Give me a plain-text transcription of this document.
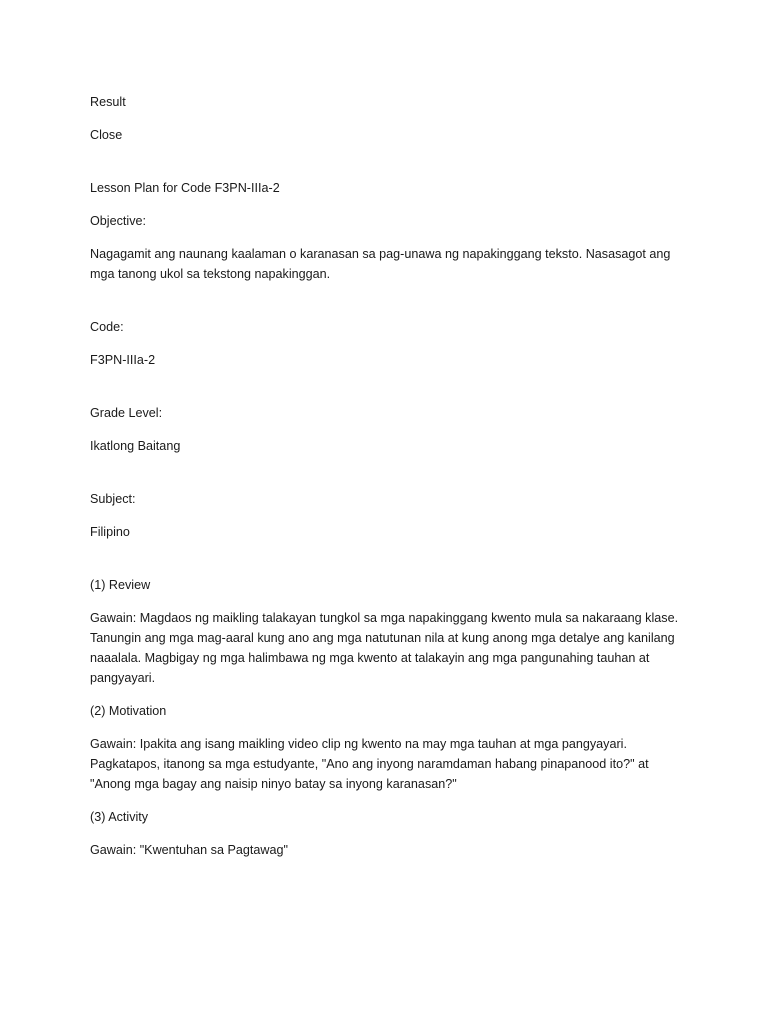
Result

Close

Lesson Plan for Code F3PN-IIIa-2

Objective:

Nagagamit ang naunang kaalaman o karanasan sa pag-unawa ng napakinggang teksto. Nasasagot ang mga tanong ukol sa tekstong napakinggan.

Code:

F3PN-IIIa-2

Grade Level:

Ikatlong Baitang

Subject:

Filipino

(1) Review

Gawain: Magdaos ng maikling talakayan tungkol sa mga napakinggang kwento mula sa nakaraang klase. Tanungin ang mga mag-aaral kung ano ang mga natutunan nila at kung anong mga detalye ang kanilang naaalala. Magbigay ng mga halimbawa ng mga kwento at talakayin ang mga pangunahing tauhan at pangyayari.

(2) Motivation

Gawain: Ipakita ang isang maikling video clip ng kwento na may mga tauhan at mga pangyayari. Pagkatapos, itanong sa mga estudyante, "Ano ang inyong naramdaman habang pinapanood ito?" at "Anong mga bagay ang naisip ninyo batay sa inyong karanasan?"

(3) Activity

Gawain: "Kwentuhan sa Pagtawag"
